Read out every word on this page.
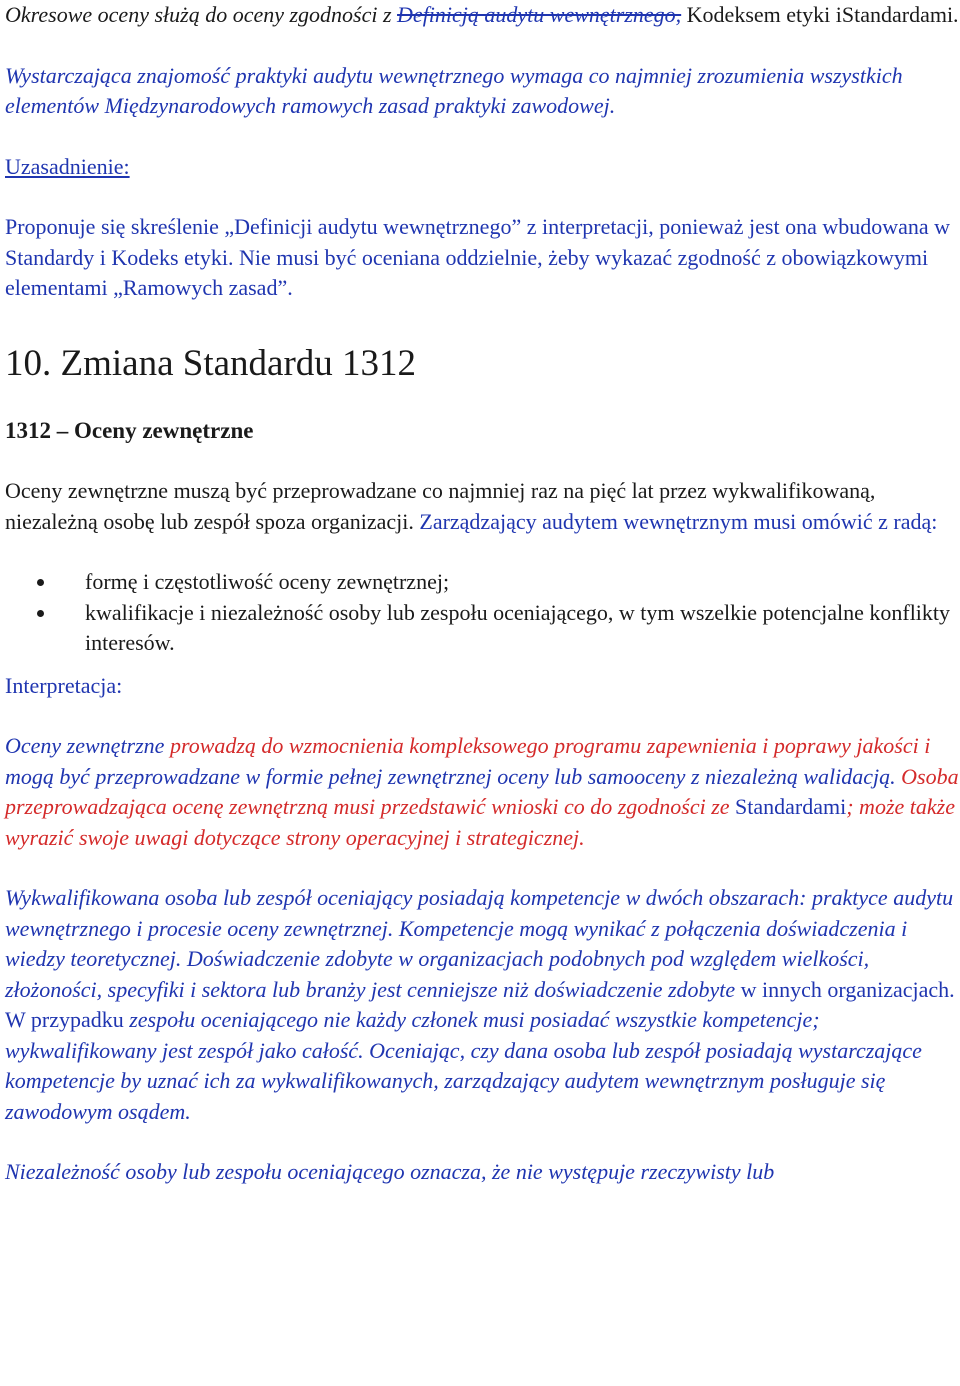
Okresowe oceny służą do oceny zgodności z Definicją audytu wewnętrznego, Kodeksem etyki iStandardami.

Wystarczająca znajomość praktyki audytu wewnętrznego wymaga co najmniej zrozumienia wszystkich elementów Międzynarodowych ramowych zasad praktyki zawodowej.

Uzasadnienie:

Proponuje się skreślenie „Definicji audytu wewnętrznego” z interpretacji, ponieważ jest ona wbudowana w Standardy i Kodeks etyki. Nie musi być oceniana oddzielnie, żeby wykazać zgodność z obowiązkowymi elementami „Ramowych zasad”.

10. Zmiana Standardu 1312

1312 – Oceny zewnętrzne

Oceny zewnętrzne muszą być przeprowadzane co najmniej raz na pięć lat przez wykwalifikowaną, niezależną osobę lub zespół spoza organizacji. Zarządzający audytem wewnętrznym musi omówić z radą:

formę i częstotliwość oceny zewnętrznej;
kwalifikacje i niezależność osoby lub zespołu oceniającego, w tym wszelkie potencjalne konflikty interesów.

Interpretacja:

Oceny zewnętrzne prowadzą do wzmocnienia kompleksowego programu zapewnienia i poprawy jakości i mogą być przeprowadzane w formie pełnej zewnętrznej oceny lub samooceny z niezależną walidacją. Osoba przeprowadzająca ocenę zewnętrzną musi przedstawić wnioski co do zgodności ze Standardami; może także wyrazić swoje uwagi dotyczące strony operacyjnej i strategicznej.

Wykwalifikowana osoba lub zespół oceniający posiadają kompetencje w dwóch obszarach: praktyce audytu wewnętrznego i procesie oceny zewnętrznej. Kompetencje mogą wynikać z połączenia doświadczenia i wiedzy teoretycznej. Doświadczenie zdobyte w organizacjach podobnych pod względem wielkości, złożoności, specyfiki i sektora lub branży jest cenniejsze niż doświadczenie zdobyte w innych organizacjach. W przypadku zespołu oceniającego nie każdy członek musi posiadać wszystkie kompetencje; wykwalifikowany jest zespół jako całość. Oceniając, czy dana osoba lub zespół posiadają wystarczające kompetencje by uznać ich za wykwalifikowanych, zarządzający audytem wewnętrznym posługuje się zawodowym osądem.

Niezależność osoby lub zespołu oceniającego oznacza, że nie występuje rzeczywisty lub
